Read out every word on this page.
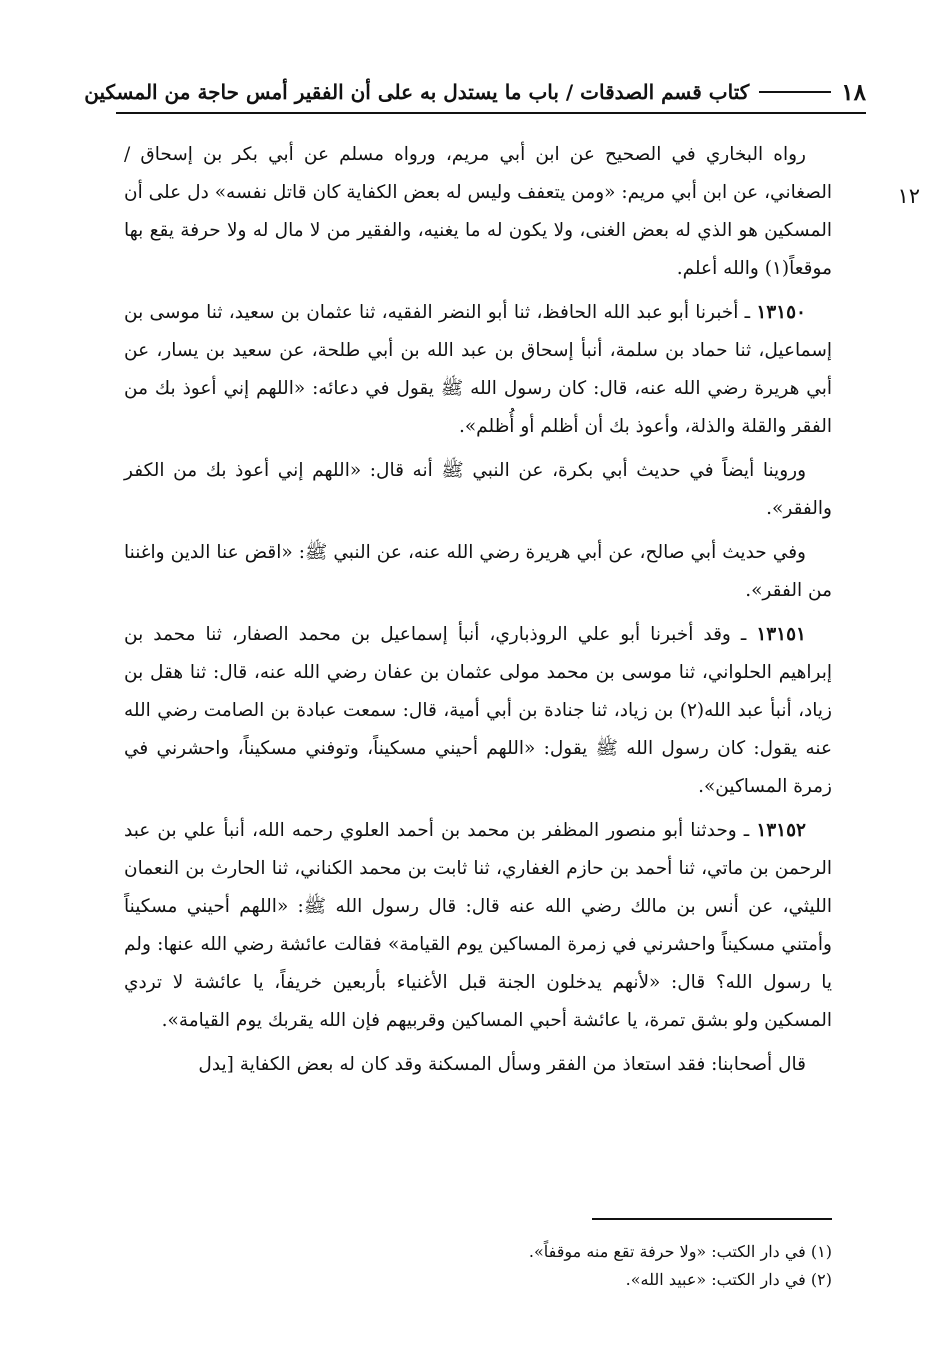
١٨
كتاب قسم الصدقات / باب ما يستدل به على أن الفقير أمس حاجة من المسكين
١٢

رواه البخاري في الصحيح عن ابن أبي مريم، ورواه مسلم عن أبي بكر بن إسحاق / الصغاني، عن ابن أبي مريم: «ومن يتعفف وليس له بعض الكفاية كان قاتل نفسه» دل على أن المسكين هو الذي له بعض الغنى، ولا يكون له ما يغنيه، والفقير من لا مال له ولا حرفة يقع بها موقعاً(١) والله أعلم.

١٣١٥٠ ـ أخبرنا أبو عبد الله الحافظ، ثنا أبو النضر الفقيه، ثنا عثمان بن سعيد، ثنا موسى بن إسماعيل، ثنا حماد بن سلمة، أنبأ إسحاق بن عبد الله بن أبي طلحة، عن سعيد بن يسار، عن أبي هريرة رضي الله عنه، قال: كان رسول الله ﷺ يقول في دعائه: «اللهم إني أعوذ بك من الفقر والقلة والذلة، وأعوذ بك أن أظلم أو أُظلم».

وروينا أيضاً في حديث أبي بكرة، عن النبي ﷺ أنه قال: «اللهم إني أعوذ بك من الكفر والفقر».

وفي حديث أبي صالح، عن أبي هريرة رضي الله عنه، عن النبي ﷺ: «اقض عنا الدين واغننا من الفقر».

١٣١٥١ ـ وقد أخبرنا أبو علي الروذباري، أنبأ إسماعيل بن محمد الصفار، ثنا محمد بن إبراهيم الحلواني، ثنا موسى بن محمد مولى عثمان بن عفان رضي الله عنه، قال: ثنا هقل بن زياد، أنبأ عبد الله(٢) بن زياد، ثنا جنادة بن أبي أمية، قال: سمعت عبادة بن الصامت رضي الله عنه يقول: كان رسول الله ﷺ يقول: «اللهم أحيني مسكيناً، وتوفني مسكيناً، واحشرني في زمرة المساكين».

١٣١٥٢ ـ وحدثنا أبو منصور المظفر بن محمد بن أحمد العلوي رحمه الله، أنبأ علي بن عبد الرحمن بن ماتي، ثنا أحمد بن حازم الغفاري، ثنا ثابت بن محمد الكناني، ثنا الحارث بن النعمان الليثي، عن أنس بن مالك رضي الله عنه قال: قال رسول الله ﷺ: «اللهم أحيني مسكيناً وأمتني مسكيناً واحشرني في زمرة المساكين يوم القيامة» فقالت عائشة رضي الله عنها: ولم يا رسول الله؟ قال: «لأنهم يدخلون الجنة قبل الأغنياء بأربعين خريفاً، يا عائشة لا تردي المسكين ولو بشق تمرة، يا عائشة أحبي المساكين وقربيهم فإن الله يقربك يوم القيامة».

قال أصحابنا: فقد استعاذ من الفقر وسأل المسكنة وقد كان له بعض الكفاية [يدل

(١) في دار الكتب: «ولا حرفة تقع منه موقفاً».
(٢) في دار الكتب: «عبيد الله».
